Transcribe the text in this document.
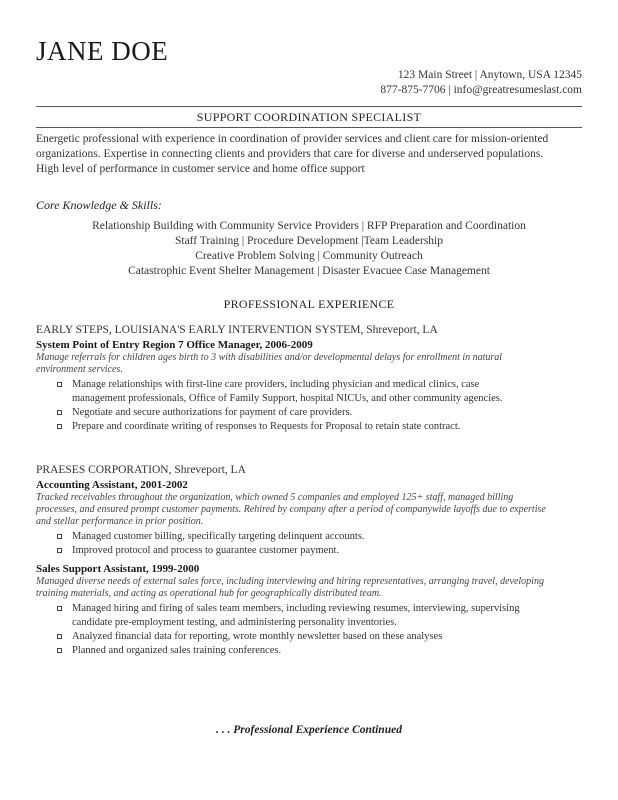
JANE DOE
123 Main Street | Anytown, USA 12345
877-875-7706 | info@greatresumeslast.com
SUPPORT COORDINATION SPECIALIST

Energetic professional with experience in coordination of provider services and client care for mission-oriented

organizations. Expertise in connecting clients and providers that care for diverse and underserved populations.

High level of performance in customer service and home office support

Core Knowledge & Skills:
Relationship Building with Community Service Providers | RFP Preparation and Coordination
Staff Training | Procedure Development |Team Leadership
Creative Problem Solving | Community Outreach
Catastrophic Event Shelter Management | Disaster Evacuee Case Management
PROFESSIONAL EXPERIENCE
EARLY STEPS, LOUISIANA'S EARLY INTERVENTION SYSTEM, Shreveport, LA
System Point of Entry Region 7 Office Manager, 2006-2009
Manage referrals for children ages birth to 3 with disabilities and/or developmental delays for enrollment in natural
environment services.
Manage relationships with first-line care providers, including physician and medical clinics, case
management professionals, Office of Family Support, hospital NICUs, and other community agencies.
Negotiate and secure authorizations for payment of care providers.
Prepare and coordinate writing of responses to Requests for Proposal to retain state contract.
PRAESES CORPORATION, Shreveport, LA
Accounting Assistant, 2001-2002
Tracked receivables throughout the organization, which owned 5 companies and employed 125+ staff, managed billing
processes, and ensured prompt customer payments. Rehired by company after a period of companywide layoffs due to expertise
and stellar performance in prior position.
Managed customer billing, specifically targeting delinquent accounts.
Improved protocol and process to guarantee customer payment.
Sales Support Assistant, 1999-2000
Managed diverse needs of external sales force, including interviewing and hiring representatives, arranging travel, developing
training materials, and acting as operational hub for geographically distributed team.
Managed hiring and firing of sales team members, including reviewing resumes, interviewing, supervising
candidate pre-employment testing, and administering personality inventories.
Analyzed financial data for reporting, wrote monthly newsletter based on these analyses
Planned and organized sales training conferences.
. . . Professional Experience Continued
